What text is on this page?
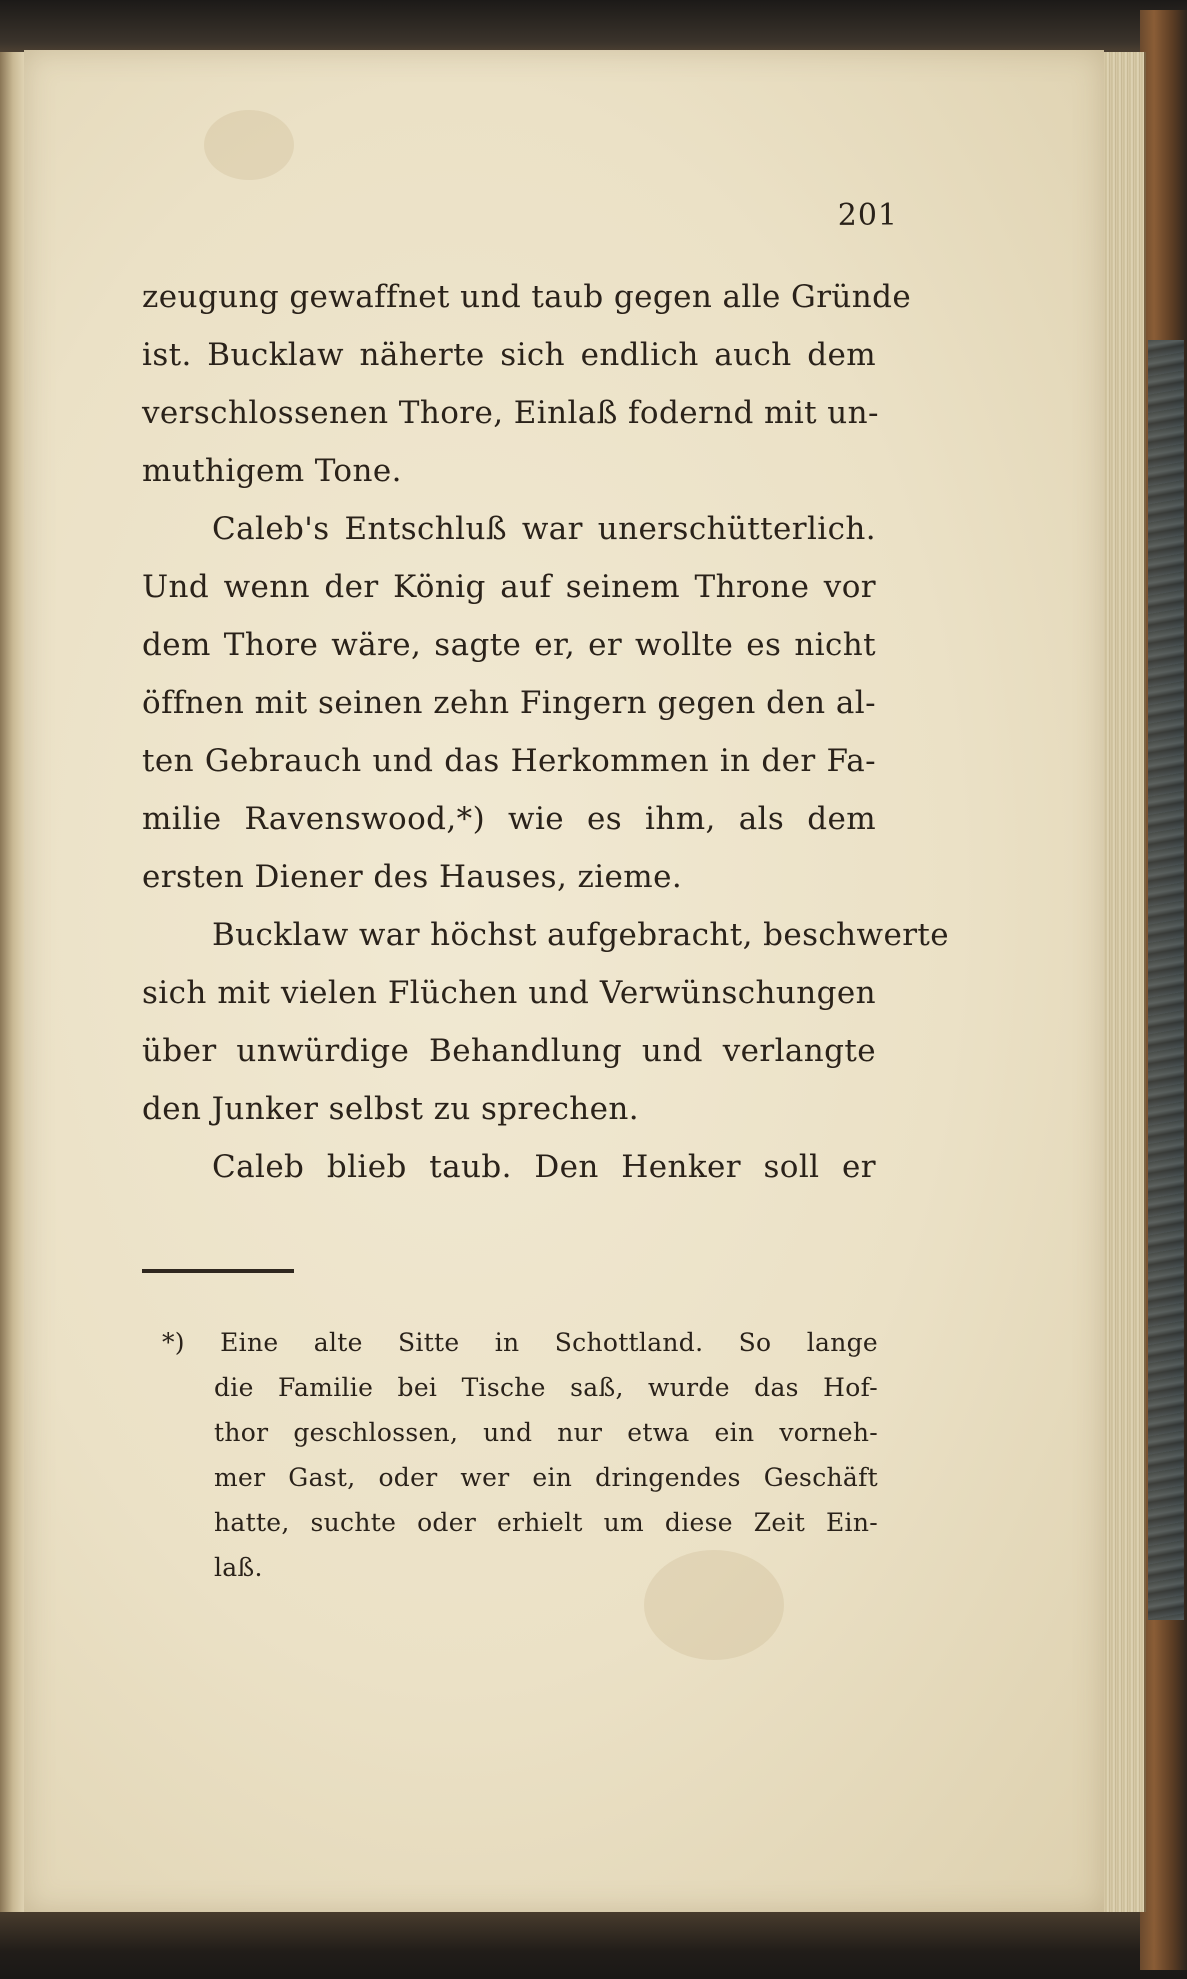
201
zeugung gewaffnet und taub gegen alle Gründe
ist. Bucklaw näherte sich endlich auch dem
verschlossenen Thore, Einlaß fodernd mit un-
muthigem Tone.
Caleb's Entschluß war unerschütterlich.
Und wenn der König auf seinem Throne vor
dem Thore wäre, sagte er, er wollte es nicht
öffnen mit seinen zehn Fingern gegen den al-
ten Gebrauch und das Herkommen in der Fa-
milie Ravenswood,*) wie es ihm, als dem
ersten Diener des Hauses, zieme.
Bucklaw war höchst aufgebracht, beschwerte
sich mit vielen Flüchen und Verwünschungen
über unwürdige Behandlung und verlangte
den Junker selbst zu sprechen.
Caleb blieb taub. Den Henker soll er
*) Eine alte Sitte in Schottland. So lange
die Familie bei Tische saß, wurde das Hof-
thor geschlossen, und nur etwa ein vorneh-
mer Gast, oder wer ein dringendes Geschäft
hatte, suchte oder erhielt um diese Zeit Ein-
laß.
